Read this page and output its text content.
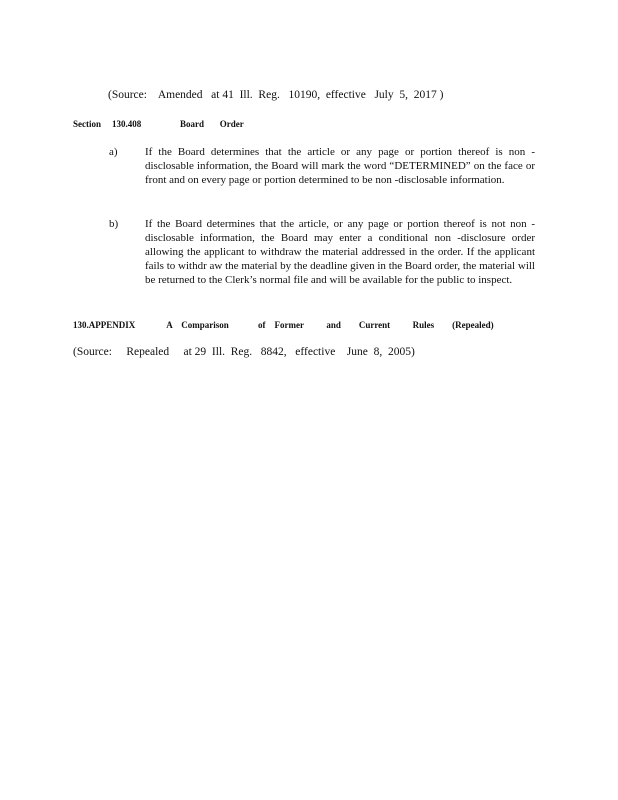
(Source:    Amended   at 41  Ill.  Reg.   10190,  effective   July  5,  2017 )
Section 130.408	Board       Order
a) If the Board determines that the article or any page or portion thereof is non - disclosable information, the Board will mark the word “DETERMINED” on the face or front and on every page or portion determined to be non -disclosable information.
b) If the Board determines that the article, or any page or portion thereof is not non - disclosable information, the Board may enter a conditional non -disclosure order allowing the applicant to withdraw the material addressed in the order. If the applicant fails to withdr aw the material by the deadline given in the Board order, the material will be returned to the Clerk’s normal file and will be available for the public to inspect.
130.APPENDIX              A    Comparison             of    Former          and        Current          Rules        (Repealed)
(Source:     Repealed     at 29  Ill.  Reg.   8842,   effective    June  8,  2005)
